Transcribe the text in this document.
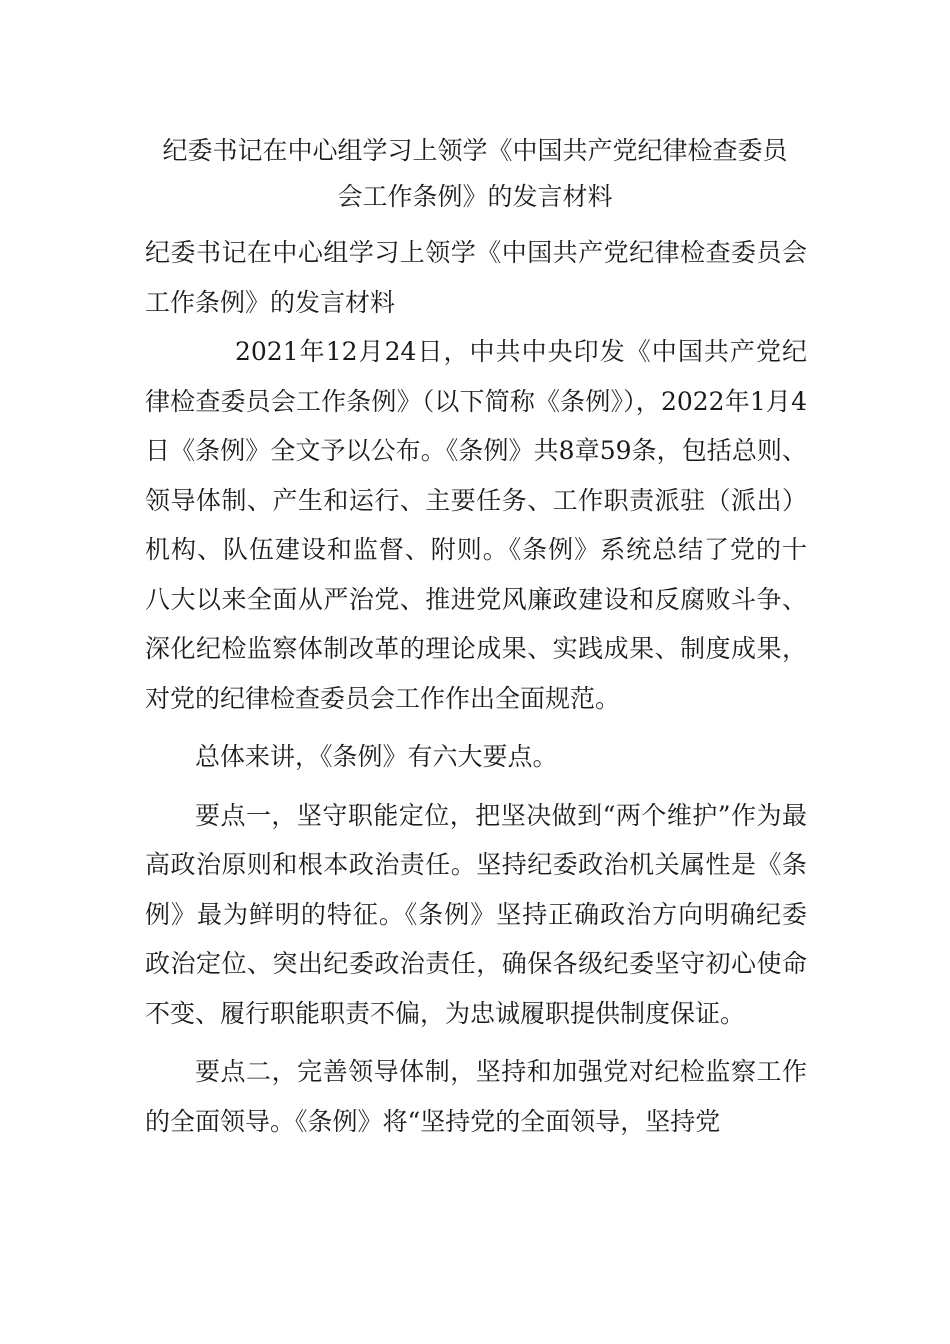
纪委书记在中心组学习上领学《中国共产党纪律检查委员
会工作条例》的发言材料

纪委书记在中心组学习上领学《中国共产党纪律检查委员会工作条例》的发言材料

2021年12月24日，中共中央印发《中国共产党纪律检查委员会工作条例》（以下简称《条例》），2022年1月4日《条例》全文予以公布。《条例》共8章59条，包括总则、领导体制、产生和运行、主要任务、工作职责派驻（派出）机构、队伍建设和监督、附则。《条例》系统总结了党的十八大以来全面从严治党、推进党风廉政建设和反腐败斗争、深化纪检监察体制改革的理论成果、实践成果、制度成果，对党的纪律检查委员会工作作出全面规范。

总体来讲，《条例》有六大要点。

要点一，坚守职能定位，把坚决做到“两个维护”作为最高政治原则和根本政治责任。坚持纪委政治机关属性是《条例》最为鲜明的特征。《条例》坚持正确政治方向明确纪委政治定位、突出纪委政治责任，确保各级纪委坚守初心使命不变、履行职能职责不偏，为忠诚履职提供制度保证。

要点二，完善领导体制，坚持和加强党对纪检监察工作的全面领导。《条例》将“坚持党的全面领导，坚持党
